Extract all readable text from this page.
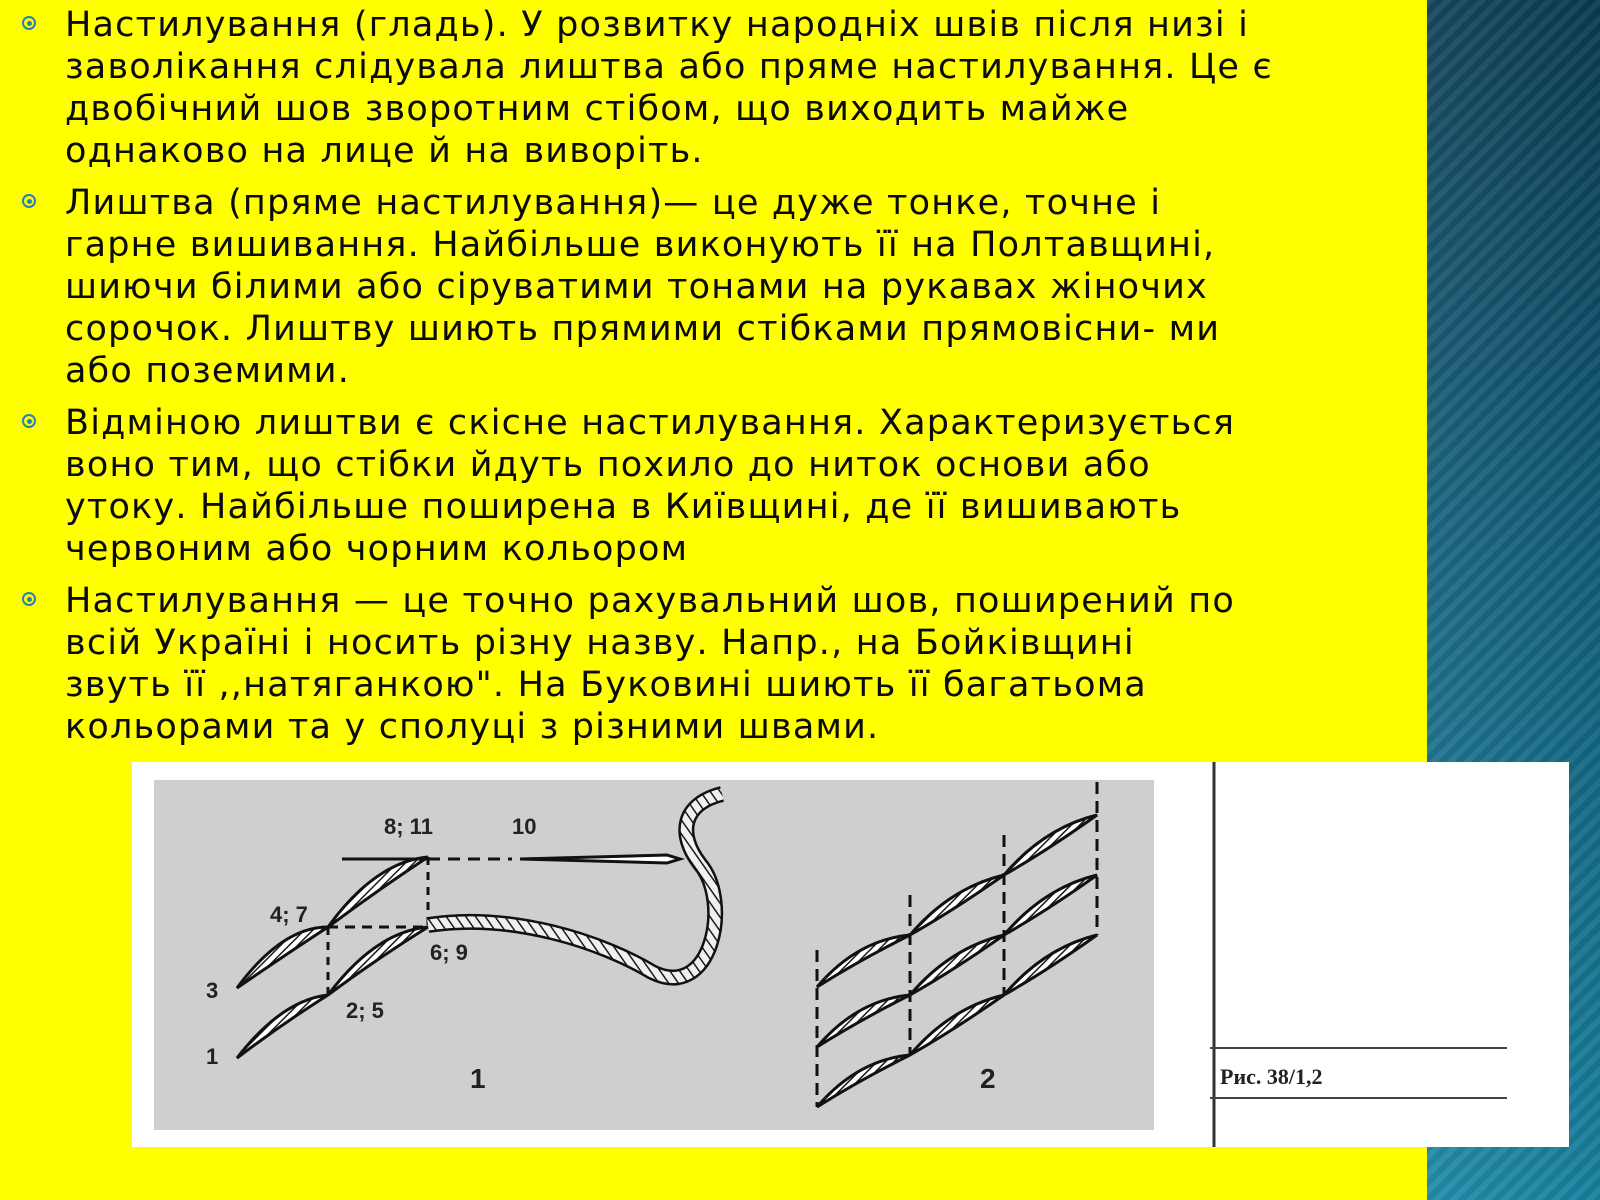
Настилування (гладь). У розвитку народніх швів після низі і

заволікання слідувала лиштва або пряме настилування. Це є

двобічний шов зворотним стібом, що виходить майже

однаково на лице й на виворіть.

Лиштва (пряме настилування)— це дуже тонке, точне і

гарне вишивання. Найбільше виконують її на Полтавщині,

шиючи білими або сіруватими тонами на рукавах жіночих

сорочок. Лиштву шиють прямими стібками прямовісни- ми

або поземими.

Відміною лиштви є скісне настилування. Характеризується

воно тим, що стібки йдуть похило до ниток основи або

утоку. Найбільше поширена в Київщині, де її вишивають

червоним або чорним кольором

Настилування — це точно рахувальний шов, поширений по

всій Україні і носить різну назву. Напр., на Бойківщині

звуть її ,,натяганкою". На Буковині шиють її багатьома

кольорами та у сполуці з різними швами.

8; 11	10
4; 7
6; 9
3
2; 5
1
1	2	Рис. 38/1,2
